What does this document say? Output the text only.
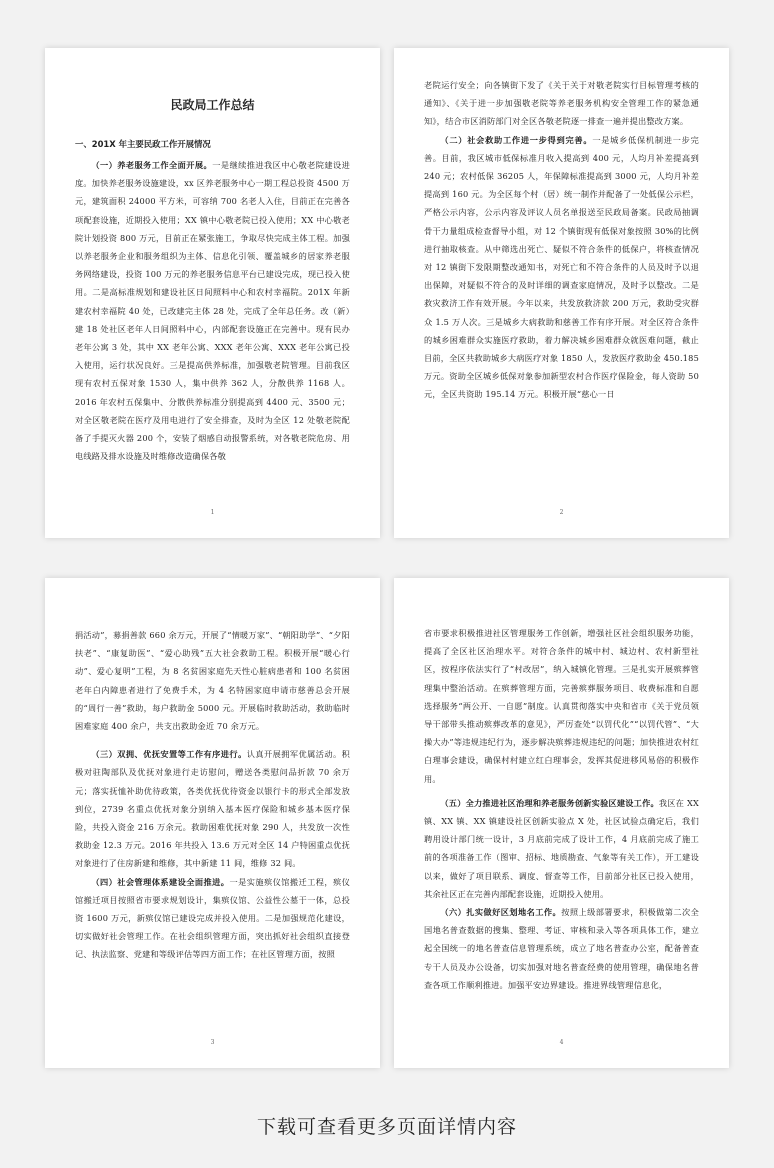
民政局工作总结
一、201X 年主要民政工作开展情况

（一）养老服务工作全面开展。一是继续推进我区中心敬老院建设进度。加快养老服务设施建设，xx 区养老服务中心一期工程总投资 4500 万元，建筑面积 24000 平方米，可容纳 700 名老人入住，目前正在完善各项配套设施，近期投入使用；XX 镇中心敬老院已投入使用；XX 中心敬老院计划投资 800 万元，目前正在紧张施工，争取尽快完成主体工程。加强以养老服务企业和服务组织为主体、信息化引领、覆盖城乡的居家养老服务网络建设，投资 100 万元的养老服务信息平台已建设完成，现已投入使用。二是高标准规划和建设社区日间照料中心和农村幸福院。201X 年新建农村幸福院 40 处，已改建完主体 28 处，完成了全年总任务。改（新）建 18 处社区老年人日间照料中心，内部配套设施正在完善中。现有民办老年公寓 3 处，其中 XX 老年公寓、XXX 老年公寓、XXX 老年公寓已投入使用，运行状况良好。三是提高供养标准，加强敬老院管理。目前我区现有农村五保对象 1530 人，集中供养 362 人，分散供养 1168 人。2016 年农村五保集中、分散供养标准分别提高到 4400 元、3500 元；对全区敬老院在医疗及用电进行了安全排查，及时为全区 12 处敬老院配备了手提灭火器 200 个，安装了烟感自动报警系统，对各敬老院危房、用电线路及排水设施及时维修改造确保各敬

1

老院运行安全；向各镇街下发了《关于关于对敬老院实行目标管理考核的通知》、《关于进一步加强敬老院等养老服务机构安全管理工作的紧急通知》，结合市区消防部门对全区各敬老院逐一排查一遍并提出整改方案。

（二）社会救助工作进一步得到完善。一是城乡低保机制进一步完善。目前，我区城市低保标准月收入提高到 400 元，人均月补差提高到 240 元；农村低保 36205 人，年保障标准提高到 3000 元，人均月补差提高到 160 元。为全区每个村（居）统一制作并配备了一处低保公示栏，严格公示内容，公示内容及评议人员名单报送至民政局备案。民政局抽调骨干力量组成检查督导小组，对 12 个镇街现有低保对象按照 30%的比例进行抽取核查。从中筛选出死亡、疑似不符合条件的低保户，将核查情况对 12 镇街下发限期整改通知书，对死亡和不符合条件的人员及时予以退出保障，对疑似不符合的及时详细的调查家庭情况，及时予以整改。二是救灾救济工作有效开展。今年以来，共发放救济款 200 万元，救助受灾群众 1.5 万人次。三是城乡大病救助和慈善工作有序开展。对全区符合条件的城乡困难群众实施医疗救助，着力解决城乡困难群众就医难问题，截止目前，全区共救助城乡大病医疗对象 1850 人，发放医疗救助金 450.185 万元。资助全区城乡低保对象参加新型农村合作医疗保险金，每人资助 50 元，全区共资助 195.14 万元。积极开展“慈心一日

2

捐活动”，募捐善款 660 余万元，开展了“情暖万家”、“朝阳助学”、“夕阳扶老”、“康复助医”、“爱心助残”五大社会救助工程。积极开展“暖心行动”、爱心复明”工程，为 8 名贫困家庭先天性心脏病患者和 100 名贫困老年白内障患者进行了免费手术，为 4 名特困家庭申请市慈善总会开展的“周行一善”救助，每户救助金 5000 元。开展临时救助活动，救助临时困难家庭 400 余户，共支出救助金近 70 余万元。

（三）双拥、优抚安置等工作有序进行。认真开展拥军优属活动。积极对驻陶部队及优抚对象进行走访慰问，赠送各类慰问品折款 70 余万元；落实抚恤补助优待政策，各类优抚优待资金以银行卡的形式全部发放到位，2739 名重点优抚对象分别纳入基本医疗保险和城乡基本医疗保险，共投入资金 216 万余元。救助困难优抚对象 290 人，共发放一次性救助金 12.3 万元。2016 年共投入 13.6 万元对全区 14 户特困重点优抚对象进行了住房新建和维修，其中新建 11 间，维修 32 间。

（四）社会管理体系建设全面推进。一是实施殡仪馆搬迁工程，殡仪馆搬迁项目按照省市要求规划设计，集殡仪馆、公益性公墓于一体，总投资 1600 万元，新殡仪馆已建设完成并投入使用。二是加强规范化建设，切实做好社会管理工作。在社会组织管理方面，突出抓好社会组织直接登记、执法监察、党建和等级评估等四方面工作；在社区管理方面，按照

3

省市要求积极推进社区管理服务工作创新，增强社区社会组织服务功能，提高了全区社区治理水平。对符合条件的城中村、城边村、农村新型社区，按程序依法实行了“村改居”，纳入城镇化管理。三是扎实开展殡葬管理集中整治活动。在殡葬管理方面，完善殡葬服务项目、收费标准和自愿选择服务“两公开、一自愿”制度。认真贯彻落实中央和省市《关于党员领导干部带头推动殡葬改革的意见》，严厉查处“以罚代化”“以罚代管”、“大操大办”等违规违纪行为，逐步解决殡葬违规违纪的问题；加快推进农村红白理事会建设，确保村村建立红白理事会，发挥其促进移风易俗的积极作用。

（五）全力推进社区治理和养老服务创新实验区建设工作。我区在 XX 镇、XX 镇、XX 镇建设社区创新实验点 X 处，社区试验点确定后，我们聘用设计部门统一设计，3 月底前完成了设计工作，4 月底前完成了施工前的各项准备工作（图审、招标、地质勘查、气象等有关工作），开工建设以来，做好了项目联系、调度、督查等工作，目前部分社区已投入使用，其余社区正在完善内部配套设施，近期投入使用。

（六）扎实做好区划地名工作。按照上级部署要求，积极做第二次全国地名普查数据的搜集、整理、考证、审核和录入等各项具体工作，建立起全国统一的地名普查信息管理系统，成立了地名普查办公室，配备普查专干人员及办公设备，切实加强对地名普查经费的使用管理，确保地名普查各项工作顺利推进。加强平安边界建设。推进界线管理信息化，

4
下载可查看更多页面详情内容
